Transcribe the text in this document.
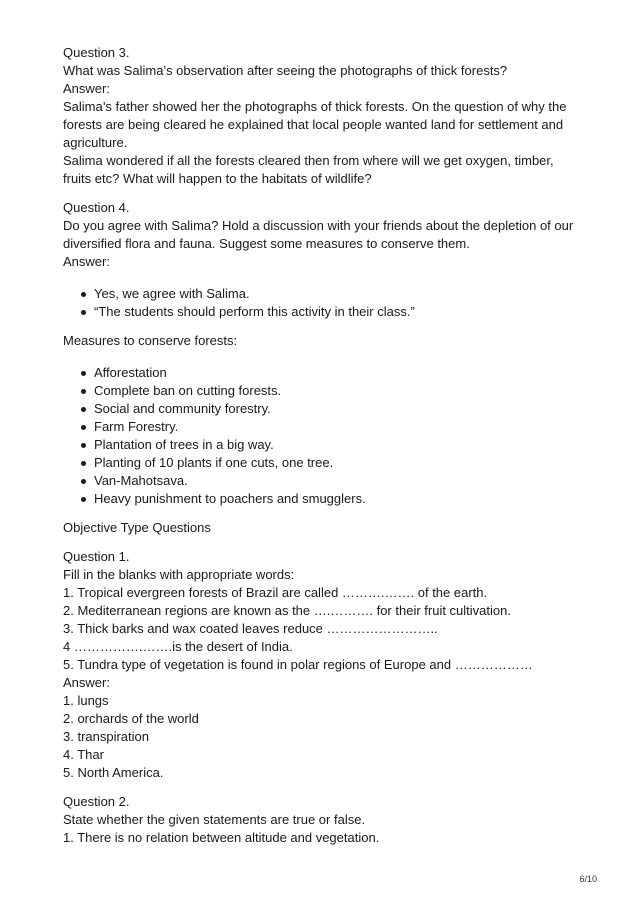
Question 3.
What was Salima’s observation after seeing the photographs of thick forests?
Answer:
Salima’s father showed her the photographs of thick forests. On the question of why the
forests are being cleared he explained that local people wanted land for settlement and
agriculture.
Salima wondered if all the forests cleared then from where will we get oxygen, timber,
fruits etc? What will happen to the habitats of wildlife?
Question 4.
Do you agree with Salima? Hold a discussion with your friends about the depletion of our
diversified flora and fauna. Suggest some measures to conserve them.
Answer:
Yes, we agree with Salima.
“The students should perform this activity in their class.”
Measures to conserve forests:
Afforestation
Complete ban on cutting forests.
Social and community forestry.
Farm Forestry.
Plantation of trees in a big way.
Planting of 10 plants if one cuts, one tree.
Van-Mahotsava.
Heavy punishment to poachers and smugglers.
Objective Type Questions
Question 1.
Fill in the blanks with appropriate words:
1. Tropical evergreen forests of Brazil are called ……….……. of the earth.
2. Mediterranean regions are known as the ….………. for their fruit cultivation.
3. Thick barks and wax coated leaves reduce ……………………..
4 …………….…….is the desert of India.
5. Tundra type of vegetation is found in polar regions of Europe and ………………
Answer:
1. lungs
2. orchards of the world
3. transpiration
4. Thar
5. North America.
Question 2.
State whether the given statements are true or false.
1. There is no relation between altitude and vegetation.
6/10
